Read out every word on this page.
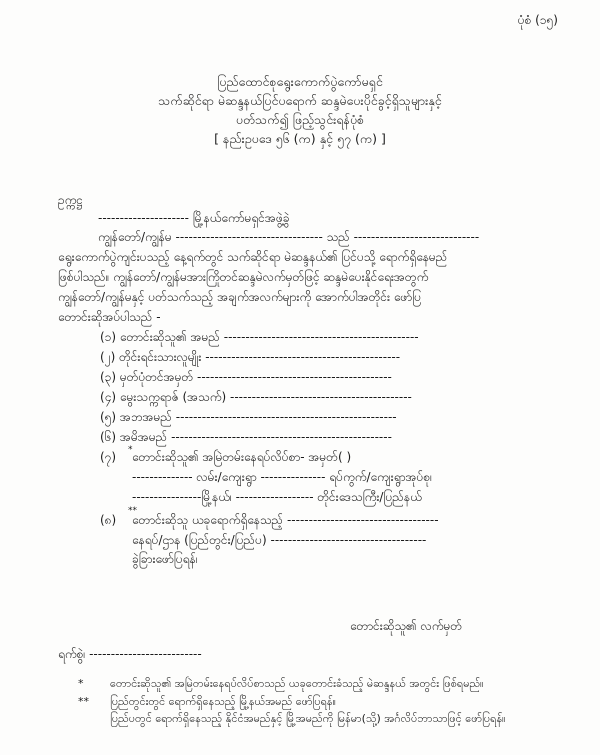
ပုံစံ (၁၅)
ပြည်ထောင်စုရွေးကောက်ပွဲကော်မရှင်
သက်ဆိုင်ရာ မဲဆန္ဒနယ်ပြင်ပရောက် ဆန္ဒမဲပေးပိုင်ခွင့်ရှိသူများနှင့်
ပတ်သက်၍ ဖြည့်သွင်းရန်ပုံစံ
[ နည်းဥပဒေ ၅၆ (က) နှင့် ၅၇ (က) ]
ဥက္ကဋ္ဌ
--------------------- မြို့နယ်ကော်မရှင်အဖွဲ့ခွဲ
ကျွန်တော်/ကျွန်မ ---------------------------------- သည် -----------------------------
ရွေးကောက်ပွဲကျင်းပသည့် နေ့ရက်တွင် သက်ဆိုင်ရာ မဲဆန္ဒနယ်၏ ပြင်ပသို့ ရောက်ရှိနေမည်
ဖြစ်ပါသည်။ ကျွန်တော်/ကျွန်မအားကြိုတင်ဆန္ဒမဲလက်မှတ်ဖြင့် ဆန္ဒမဲပေးနိုင်ရေးအတွက်
ကျွန်တော်/ကျွန်မနှင့် ပတ်သက်သည့် အချက်အလက်များကို အောက်ပါအတိုင်း ဖော်ပြ
တောင်းဆိုအပ်ပါသည် -
(၁) တောင်းဆိုသူ၏ အမည် ---------------------------------------------
(၂) တိုင်းရင်းသားလူမျိုး ---------------------------------------------
(၃) မှတ်ပုံတင်အမှတ် ---------------------------------------------
(၄) မွေးသက္ကရာဇ် (အသက်) ------------------------------------------
(၅) အဘအမည် ---------------------------------------------------
(၆) အမိအမည် ---------------------------------------------------
(၇) * တောင်းဆိုသူ၏ အမြဲတမ်းနေရပ်လိပ်စာ- အမှတ်( )
-------------- လမ်း/ကျေးရွာ --------------- ရပ်ကွက်/ကျေးရွာအုပ်စု၊
----------------မြို့နယ်၊ ------------------ တိုင်းဒေသကြီး/ပြည်နယ်
(၈)
**
တောင်းဆိုသူ ယခုရောက်ရှိနေသည့် -----------------------------------
နေရပ်/ဌာန (ပြည်တွင်း/ပြည်ပ) ------------------------------------
ခွဲခြားဖော်ပြရန်၊
တောင်းဆိုသူ၏ လက်မှတ်
ရက်စွဲ၊ --------------------------
* တောင်းဆိုသူ၏ အမြဲတမ်းနေရပ်လိပ်စာသည် ယခုတောင်းခံသည့် မဲဆန္ဒနယ် အတွင်း ဖြစ်ရမည်။
** ပြည်တွင်းတွင် ရောက်ရှိနေသည့် မြို့နယ်အမည် ဖော်ပြရန်။
ပြည်ပတွင် ရောက်ရှိနေသည့် နိုင်ငံအမည်နှင့် မြို့အမည်ကို မြန်မာ(သို့) အင်္ဂလိပ်ဘာသာဖြင့် ဖော်ပြရန်။
